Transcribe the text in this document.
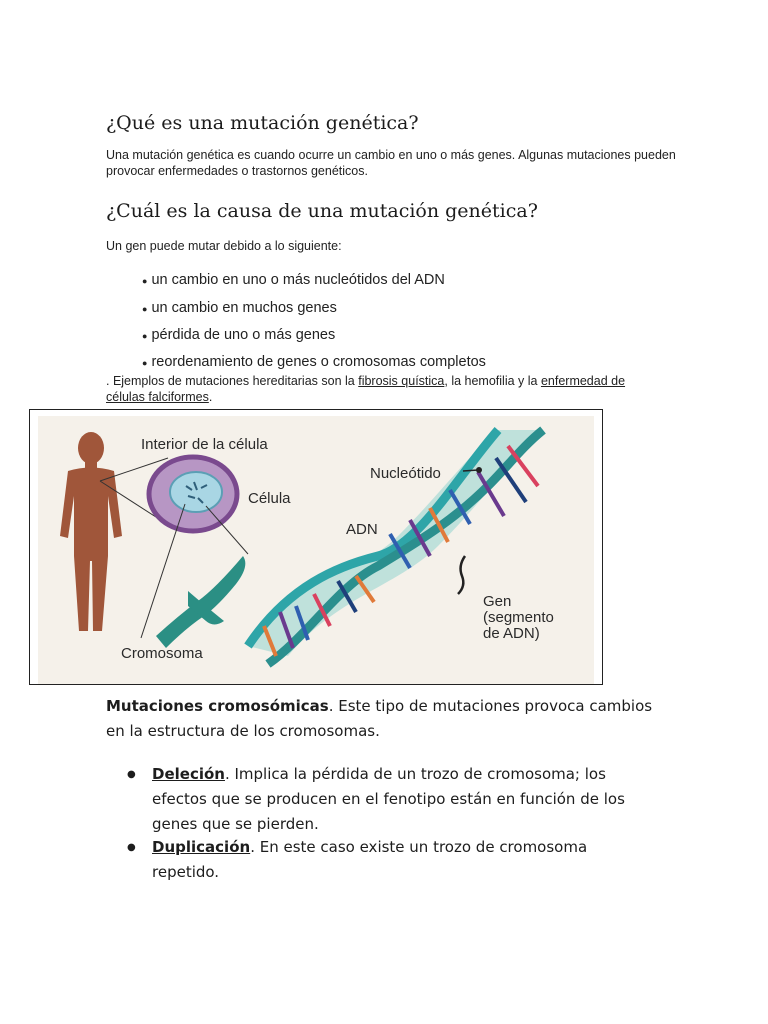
¿Qué es una mutación genética?

Una mutación genética es cuando ocurre un cambio en uno o más genes. Algunas mutaciones pueden provocar enfermedades o trastornos genéticos.

¿Cuál es la causa de una mutación genética?

Un gen puede mutar debido a lo siguiente:

● un cambio en uno o más nucleótidos del ADN
● un cambio en muchos genes
● pérdida de uno o más genes
● reordenamiento de genes o cromosomas completos

. Ejemplos de mutaciones hereditarias son la fibrosis quística, la hemofilia y la enfermedad de células falciformes.

Interior de la célula
Célula
Nucleótido
ADN
Gen
(segmento
de ADN)
Cromosoma
Mutaciones cromosómicas. Este tipo de mutaciones provoca cambios en la estructura de los cromosomas.
●	Deleción. Implica la pérdida de un trozo de cromosoma; los efectos que se producen en el fenotipo están en función de los genes que se pierden.
●	Duplicación. En este caso existe un trozo de cromosoma repetido.
